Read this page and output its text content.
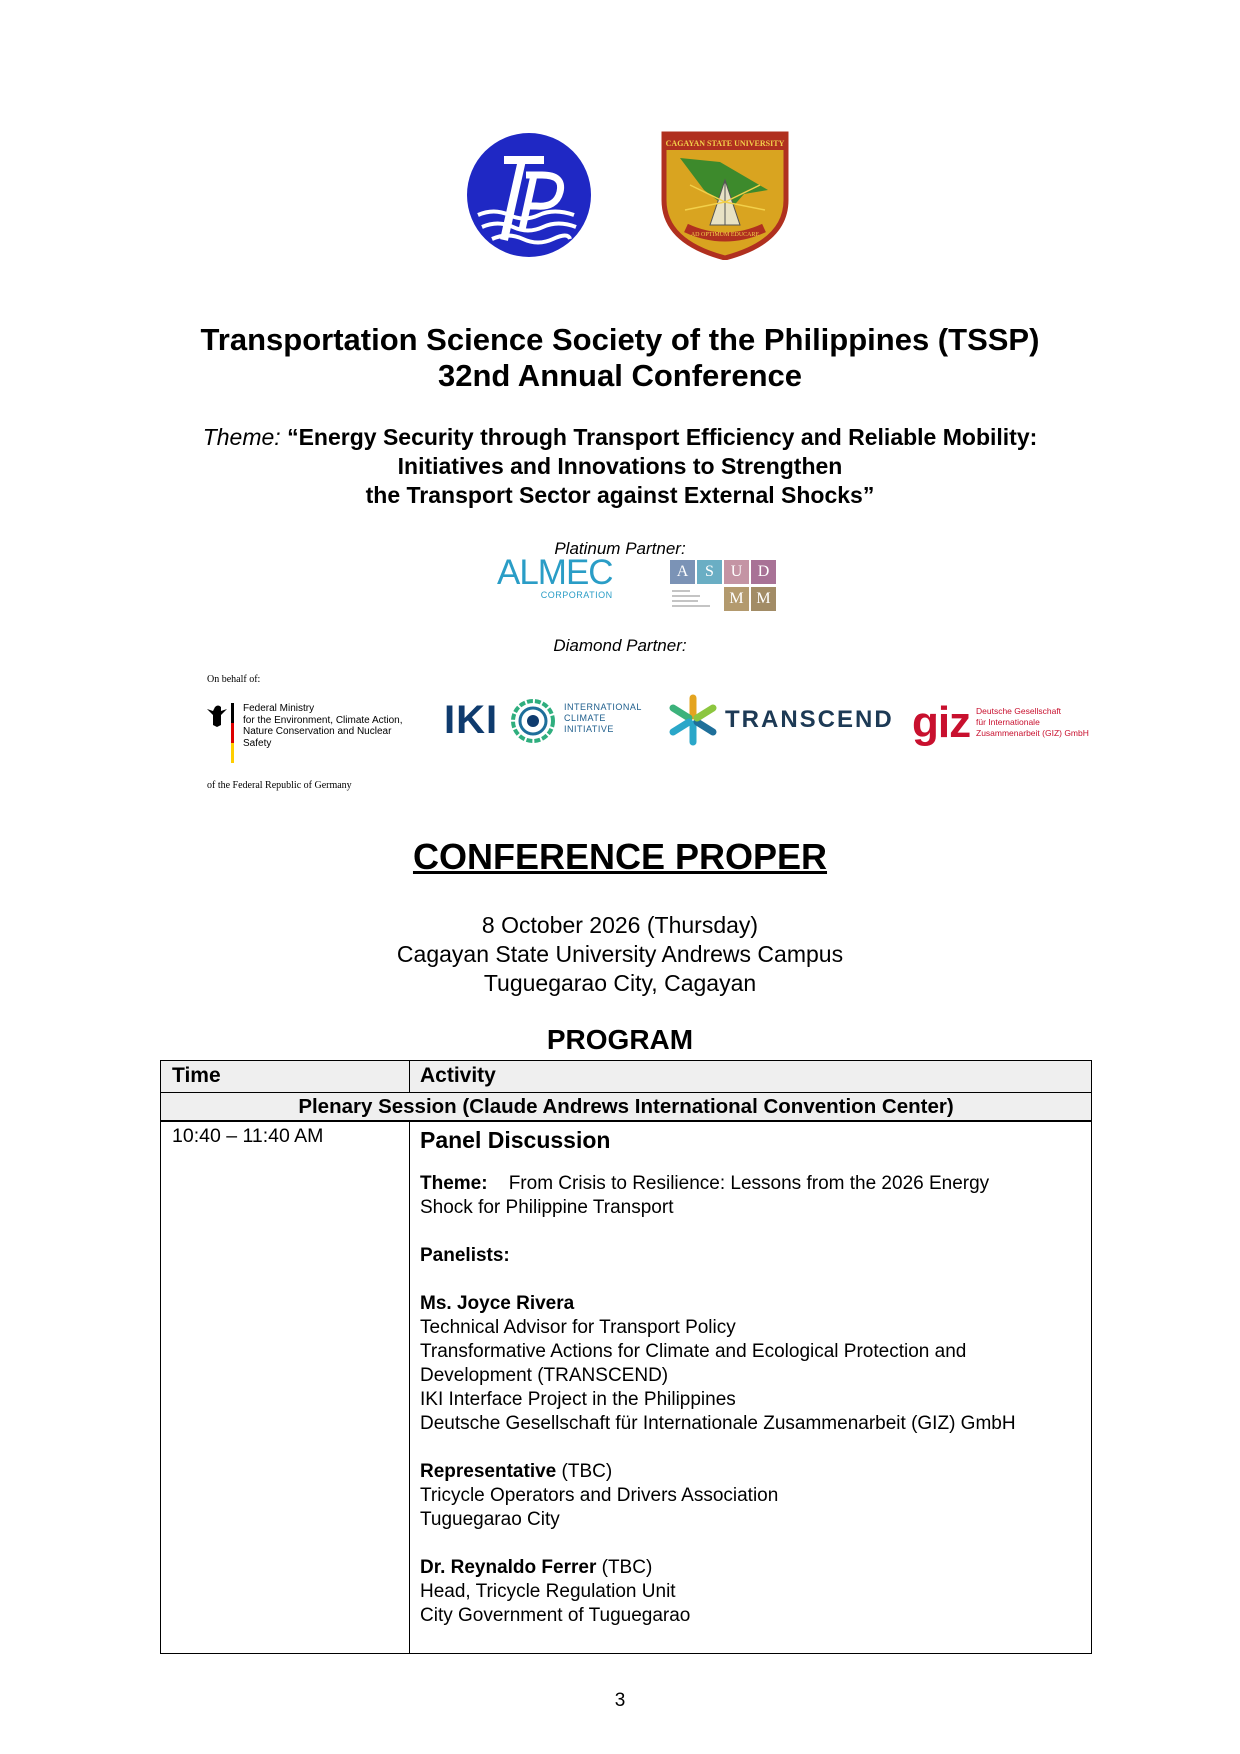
CAGAYAN STATE UNIVERSITY
AD OPTIMUM EDUCARE
Transportation Science Society of the Philippines (TSSP)
32nd Annual Conference
Theme: “Energy Security through Transport Efficiency and Reliable Mobility:
Initiatives and Innovations to Strengthen
the Transport Sector against External Shocks”
Platinum Partner:
ALMEC
CORPORATION
A	S	U D
M M
Diamond Partner:
On behalf of:
Federal Ministry
for the Environment, Climate Action,
Nature Conservation and Nuclear Safety
of the Federal Republic of Germany
IKI	INTERNATIONAL
CLIMATE
INITIATIVE	TRANSCEND giz Deutsche Gesellschaft
für Internationale
Zusammenarbeit (GIZ) GmbH
CONFERENCE PROPER
8 October 2026 (Thursday)
Cagayan State University Andrews Campus
Tuguegarao City, Cagayan
PROGRAM
Time	Activity
Plenary Session (Claude Andrews International Convention Center)
10:40 – 11:40 AM	Panel Discussion
Theme: From Crisis to Resilience: Lessons from the 2026 Energy
Shock for Philippine Transport
Panelists:
Ms. Joyce Rivera
Technical Advisor for Transport Policy
Transformative Actions for Climate and Ecological Protection and
Development (TRANSCEND)
IKI Interface Project in the Philippines
Deutsche Gesellschaft für Internationale Zusammenarbeit (GIZ) GmbH
Representative (TBC)
Tricycle Operators and Drivers Association
Tuguegarao City
Dr. Reynaldo Ferrer (TBC)
Head, Tricycle Regulation Unit
City Government of Tuguegarao
3
